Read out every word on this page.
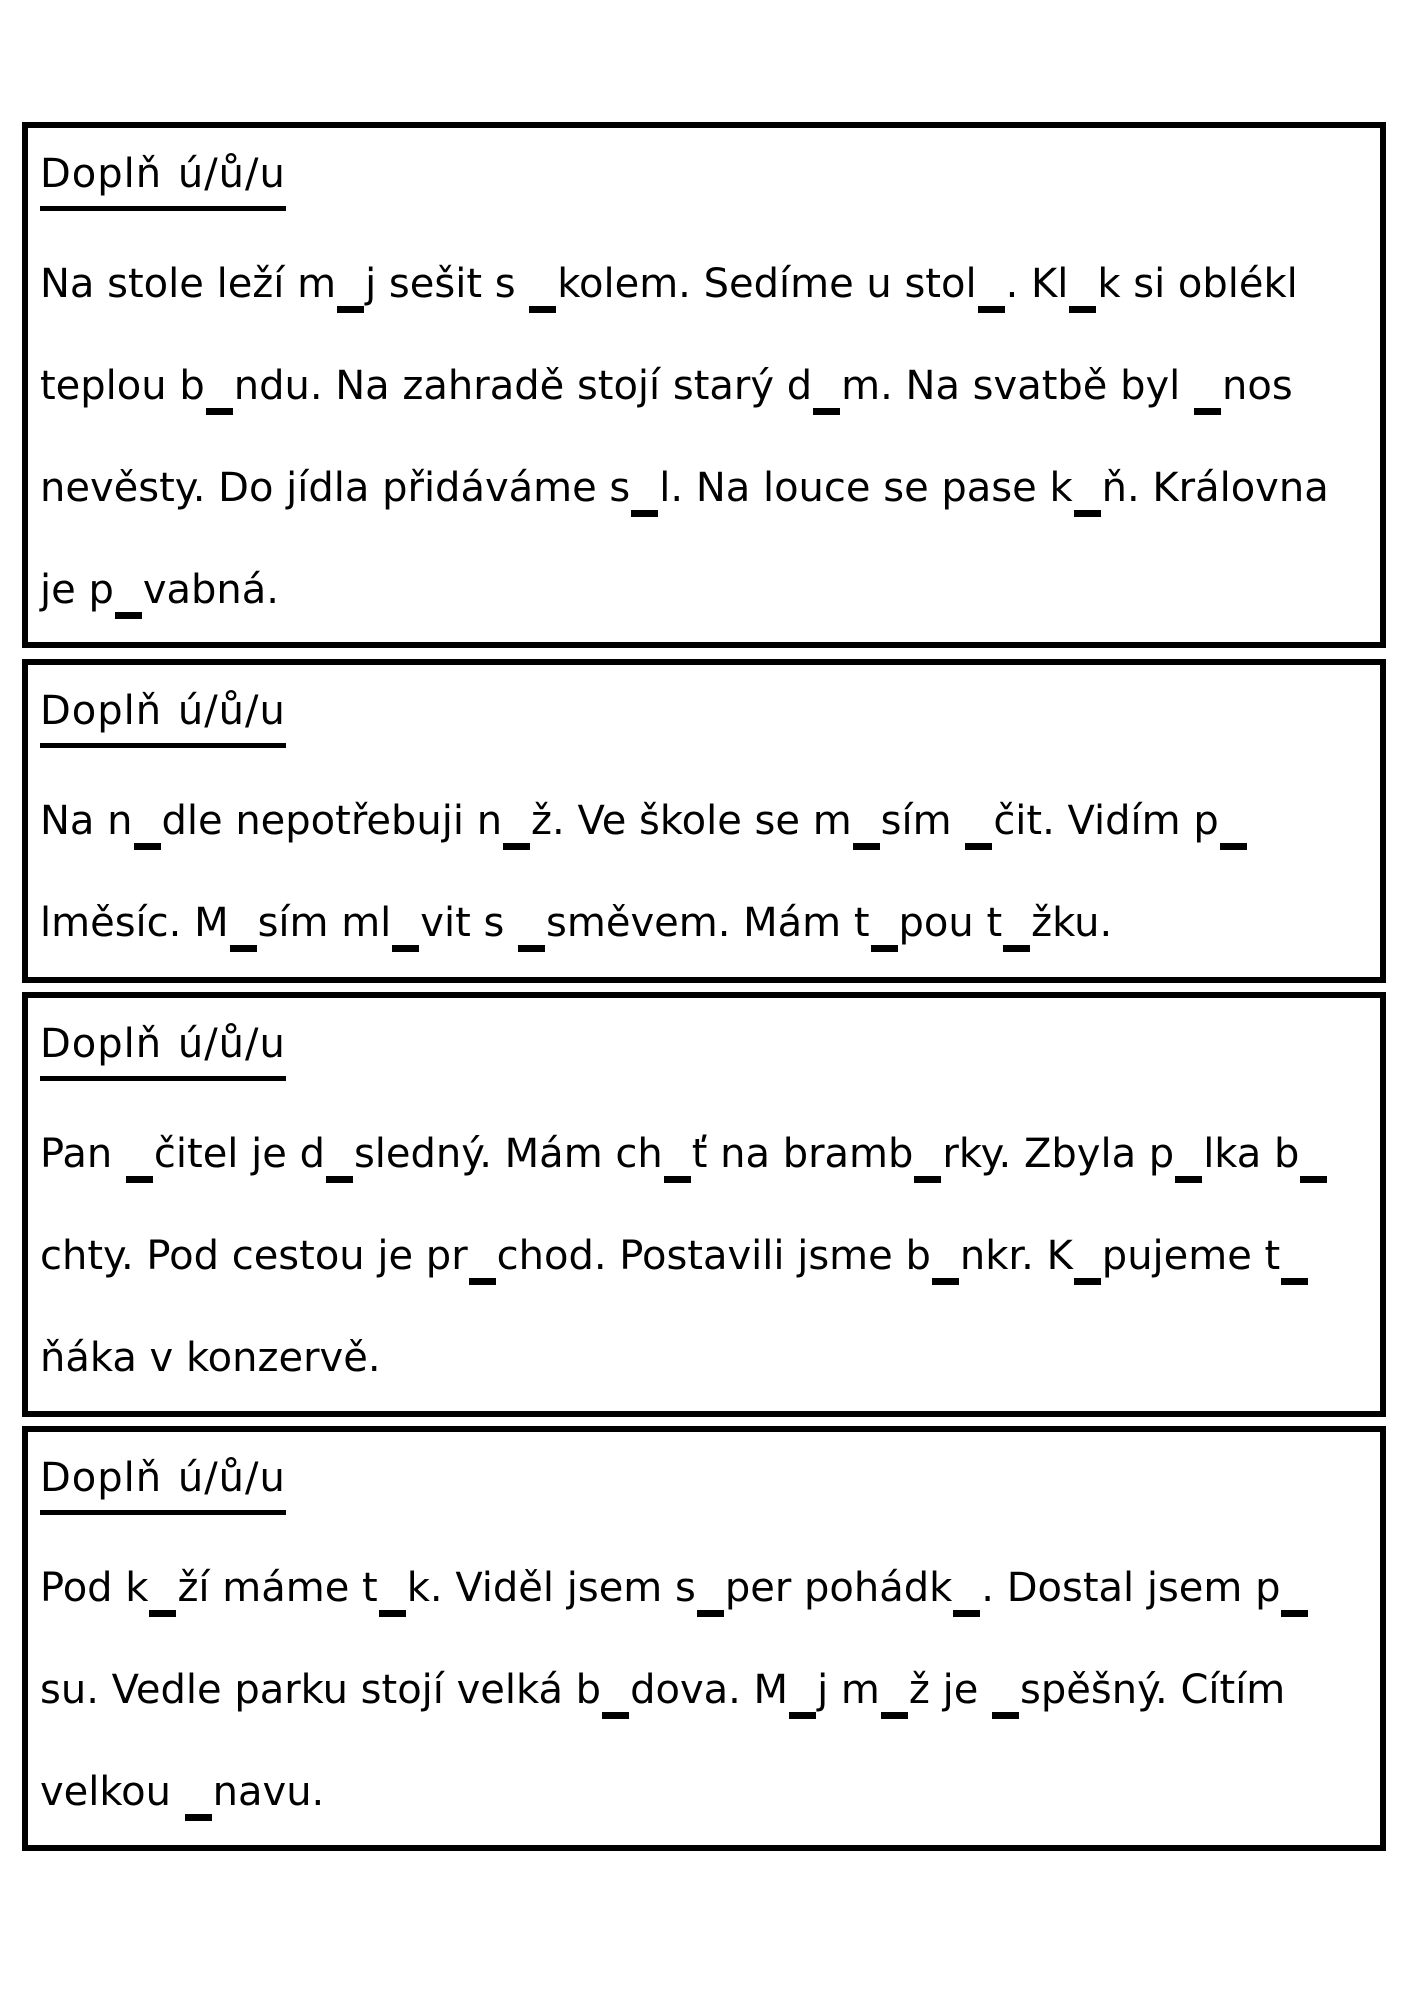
Doplň ú/ů/u

Na stole leží m j sešit s kolem. Sedíme u stol . Kl k si oblékl teplou b ndu. Na zahradě stojí starý d m. Na svatbě byl nos nevěsty. Do jídla přidáváme s l. Na louce se pase k ň. Královna je p vabná.

Doplň ú/ů/u

Na n dle nepotřebuji n ž. Ve škole se m sím čit. Vidím plměsíc. M sím ml vit s směvem. Mám t pou t žku.

Doplň ú/ů/u

Pan čitel je d sledný. Mám ch ť na bramb rky. Zbyla p lka bchty. Pod cestou je pr chod. Postavili jsme b nkr. K pujeme tňáka v konzervě.

Doplň ú/ů/u

Pod k ží máme t k. Viděl jsem s per pohádk . Dostal jsem psu. Vedle parku stojí velká b dova. M j m ž je spěšný. Cítím velkou navu.
